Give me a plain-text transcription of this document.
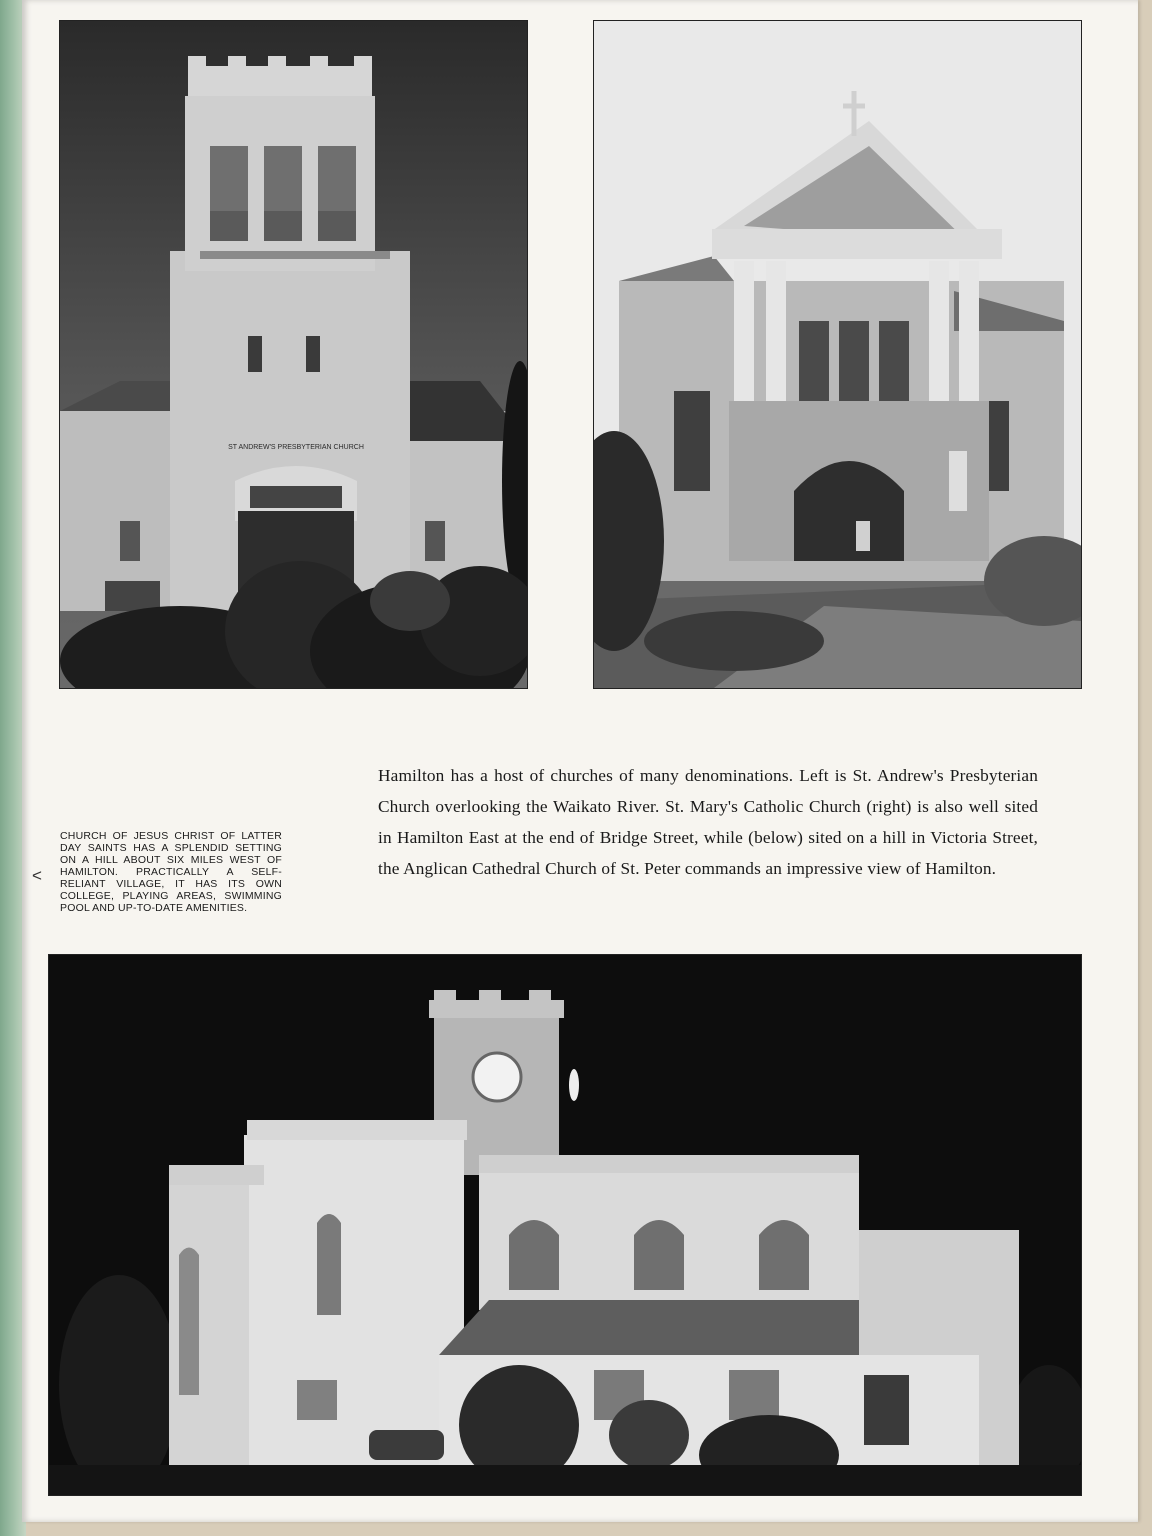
ST ANDREW'S PRESBYTERIAN CHURCH
<
CHURCH OF JESUS CHRIST OF LATTER DAY SAINTS HAS A SPLENDID SETTING ON A HILL ABOUT SIX MILES WEST OF HAMILTON. PRACTICALLY A SELF-RELIANT VILLAGE, IT HAS ITS OWN COLLEGE, PLAYING AREAS, SWIMMING POOL AND UP-TO-DATE AMENITIES.
Hamilton has a host of churches of many denominations. Left is St. Andrew's Presbyterian Church overlooking the Waikato River. St. Mary's Catholic Church (right) is also well sited in Hamilton East at the end of Bridge Street, while (below) sited on a hill in Victoria Street, the Anglican Cathedral Church of St. Peter commands an impressive view of Hamilton.
